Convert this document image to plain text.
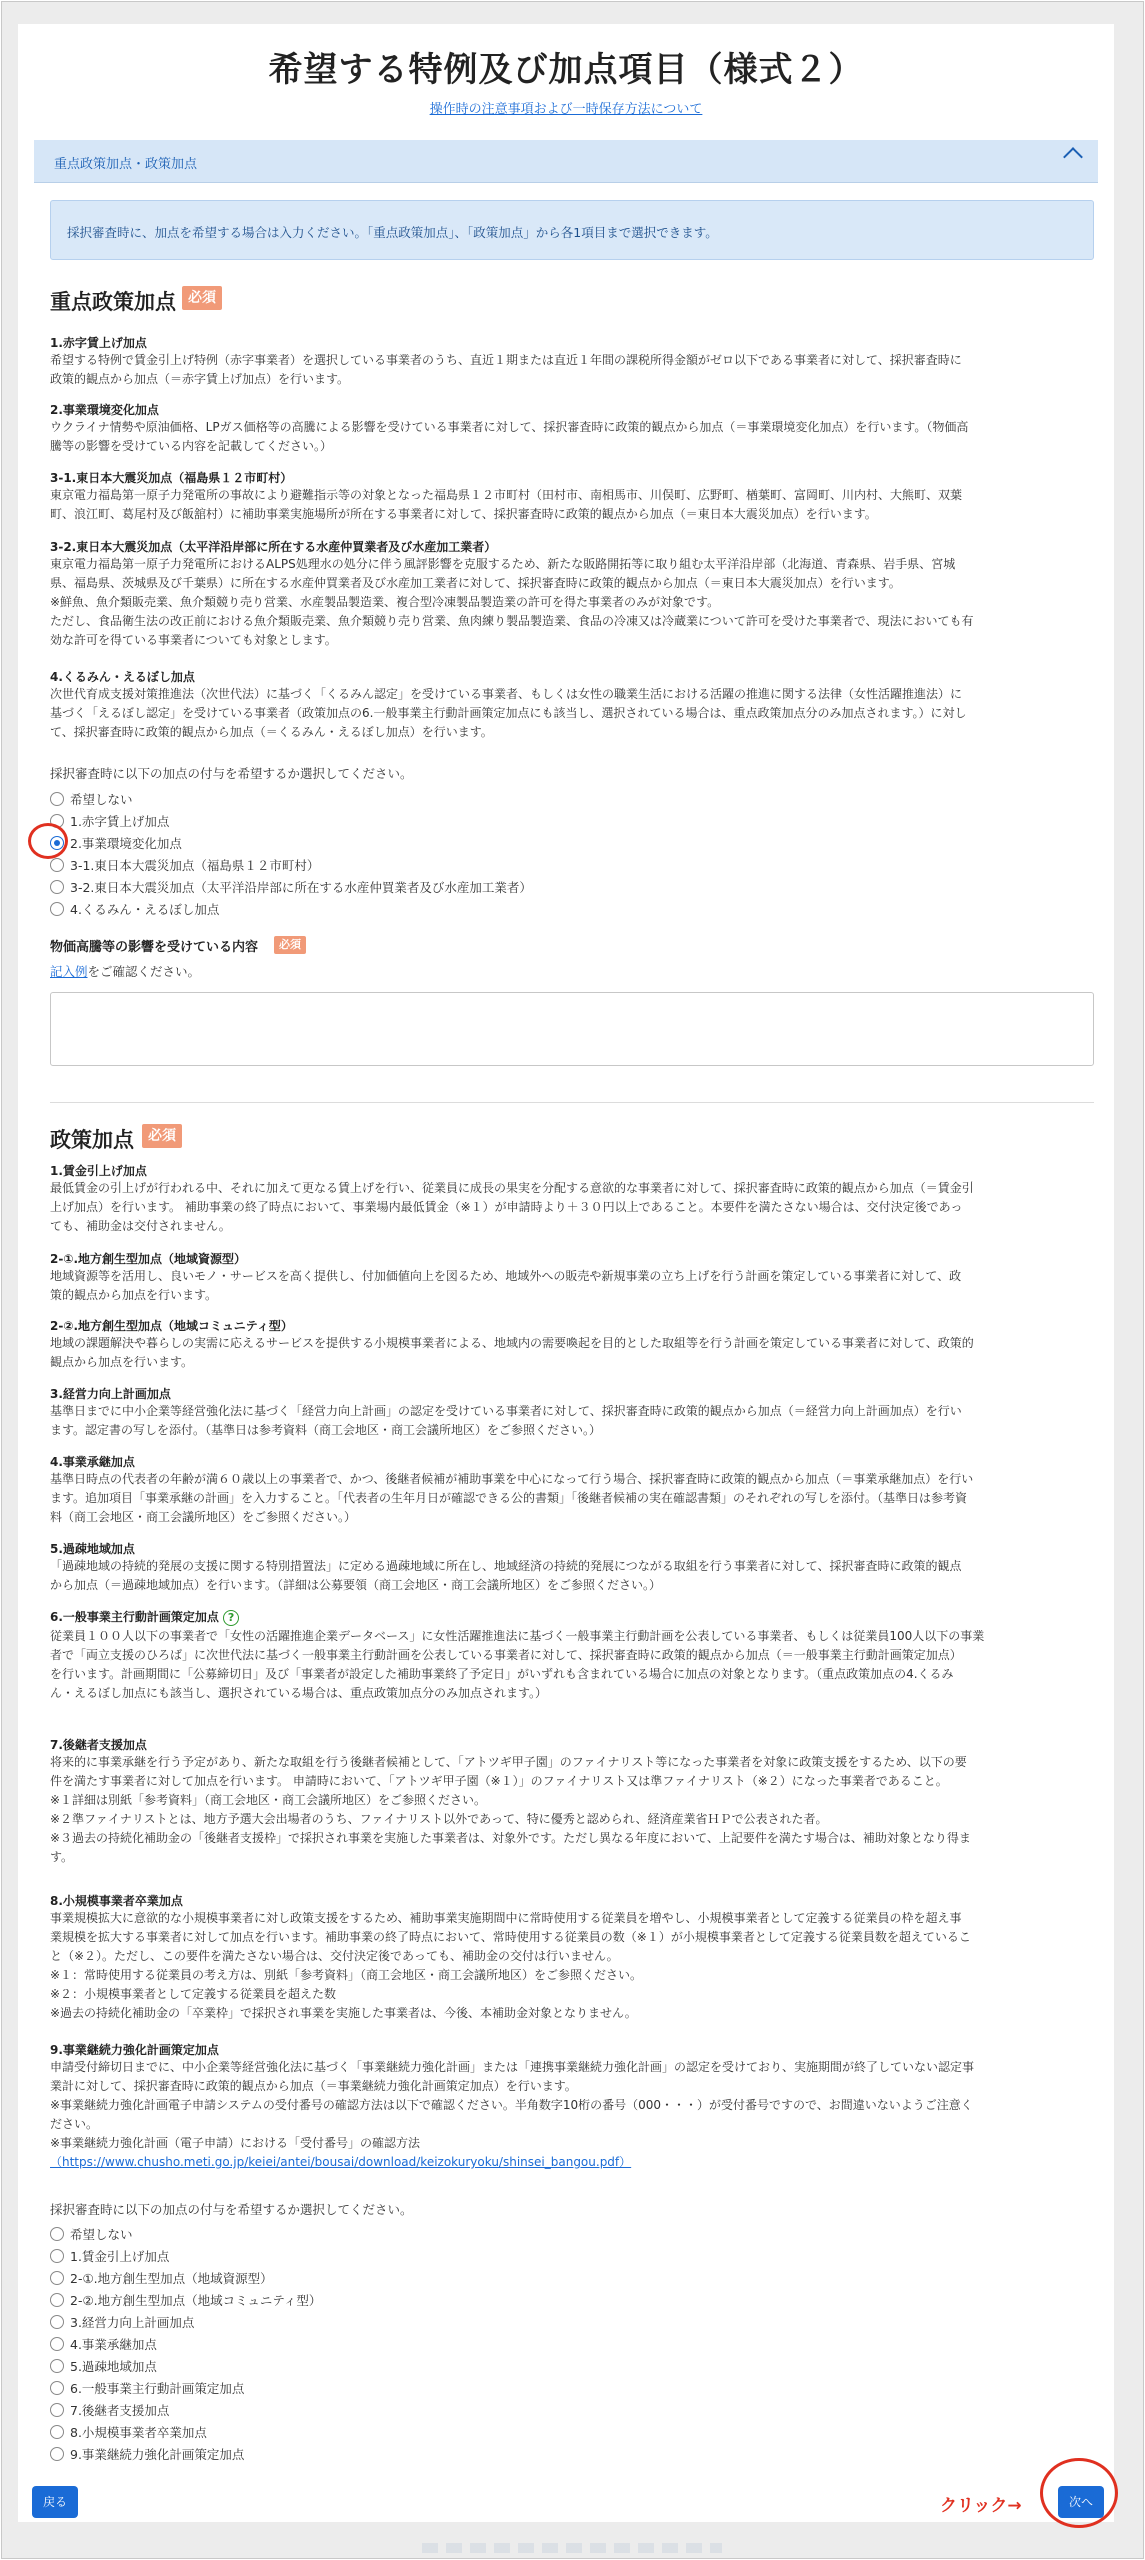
希望する特例及び加点項目（様式２）
操作時の注意事項および一時保存方法について
重点政策加点・政策加点
採択審査時に、加点を希望する場合は入力ください。「重点政策加点」、「政策加点」から各1項目まで選択できます。
重点政策加点 必須
1.赤字賃上げ加点
希望する特例で賃金引上げ特例（赤字事業者）を選択している事業者のうち、直近１期または直近１年間の課税所得金額がゼロ以下である事業者に対して、採択審査時に
政策的観点から加点（＝赤字賃上げ加点）を行います。
2.事業環境変化加点
ウクライナ情勢や原油価格、LPガス価格等の高騰による影響を受けている事業者に対して、採択審査時に政策的観点から加点（＝事業環境変化加点）を行います。（物価高
騰等の影響を受けている内容を記載してください。）
3-1.東日本大震災加点（福島県１２市町村）
東京電力福島第一原子力発電所の事故により避難指示等の対象となった福島県１２市町村（田村市、南相馬市、川俣町、広野町、楢葉町、富岡町、川内村、大熊町、双葉
町、浪江町、葛尾村及び飯舘村）に補助事業実施場所が所在する事業者に対して、採択審査時に政策的観点から加点（＝東日本大震災加点）を行います。
3-2.東日本大震災加点（太平洋沿岸部に所在する水産仲買業者及び水産加工業者）
東京電力福島第一原子力発電所におけるALPS処理水の処分に伴う風評影響を克服するため、新たな販路開拓等に取り組む太平洋沿岸部（北海道、青森県、岩手県、宮城
県、福島県、茨城県及び千葉県）に所在する水産仲買業者及び水産加工業者に対して、採択審査時に政策的観点から加点（＝東日本大震災加点）を行います。
※鮮魚、魚介類販売業、魚介類競り売り営業、水産製品製造業、複合型冷凍製品製造業の許可を得た事業者のみが対象です。
ただし、食品衛生法の改正前における魚介類販売業、魚介類競り売り営業、魚肉練り製品製造業、食品の冷凍又は冷蔵業について許可を受けた事業者で、現法においても有
効な許可を得ている事業者についても対象とします。
4.くるみん・えるぼし加点
次世代育成支援対策推進法（次世代法）に基づく「くるみん認定」を受けている事業者、もしくは女性の職業生活における活躍の推進に関する法律（女性活躍推進法）に
基づく「えるぼし認定」を受けている事業者（政策加点の6.一般事業主行動計画策定加点にも該当し、選択されている場合は、重点政策加点分のみ加点されます。）に対し
て、採択審査時に政策的観点から加点（＝くるみん・えるぼし加点）を行います。
採択審査時に以下の加点の付与を希望するか選択してください。
希望しない
1.赤字賃上げ加点
2.事業環境変化加点
3-1.東日本大震災加点（福島県１２市町村）
3-2.東日本大震災加点（太平洋沿岸部に所在する水産仲買業者及び水産加工業者）
4.くるみん・えるぼし加点
物価高騰等の影響を受けている内容	必須
記入例をご確認ください。
政策加点	必須
1.賃金引上げ加点
最低賃金の引上げが行われる中、それに加えて更なる賃上げを行い、従業員に成長の果実を分配する意欲的な事業者に対して、採択審査時に政策的観点から加点（＝賃金引
上げ加点）を行います。 補助事業の終了時点において、事業場内最低賃金（※１）が申請時より＋３０円以上であること。本要件を満たさない場合は、交付決定後であっ
ても、補助金は交付されません。
2-①.地方創生型加点（地域資源型）
地域資源等を活用し、良いモノ・サービスを高く提供し、付加価値向上を図るため、地域外への販売や新規事業の立ち上げを行う計画を策定している事業者に対して、政
策的観点から加点を行います。
2-②.地方創生型加点（地域コミュニティ型）
地域の課題解決や暮らしの実需に応えるサービスを提供する小規模事業者による、地域内の需要喚起を目的とした取組等を行う計画を策定している事業者に対して、政策的
観点から加点を行います。
3.経営力向上計画加点
基準日までに中小企業等経営強化法に基づく「経営力向上計画」の認定を受けている事業者に対して、採択審査時に政策的観点から加点（＝経営力向上計画加点）を行い
ます。認定書の写しを添付。（基準日は参考資料（商工会地区・商工会議所地区）をご参照ください。）
4.事業承継加点
基準日時点の代表者の年齢が満６０歳以上の事業者で、かつ、後継者候補が補助事業を中心になって行う場合、採択審査時に政策的観点から加点（＝事業承継加点）を行い
ます。追加項目「事業承継の計画」を入力すること。「代表者の生年月日が確認できる公的書類」「後継者候補の実在確認書類」のそれぞれの写しを添付。（基準日は参考資
料（商工会地区・商工会議所地区）をご参照ください。）
5.過疎地域加点
「過疎地域の持続的発展の支援に関する特別措置法」に定める過疎地域に所在し、地域経済の持続的発展につながる取組を行う事業者に対して、採択審査時に政策的観点
から加点（＝過疎地域加点）を行います。（詳細は公募要領（商工会地区・商工会議所地区）をご参照ください。）
6.一般事業主行動計画策定加点 ?
従業員１００人以下の事業者で「女性の活躍推進企業データベース」に女性活躍推進法に基づく一般事業主行動計画を公表している事業者、もしくは従業員100人以下の事業
者で「両立支援のひろば」に次世代法に基づく一般事業主行動計画を公表している事業者に対して、採択審査時に政策的観点から加点（＝一般事業主行動計画策定加点）
を行います。計画期間に「公募締切日」及び「事業者が設定した補助事業終了予定日」がいずれも含まれている場合に加点の対象となります。（重点政策加点の4.くるみ
ん・えるぼし加点にも該当し、選択されている場合は、重点政策加点分のみ加点されます。）
7.後継者支援加点
将来的に事業承継を行う予定があり、新たな取組を行う後継者候補として、「アトツギ甲子園」のファイナリスト等になった事業者を対象に政策支援をするため、以下の要
件を満たす事業者に対して加点を行います。 申請時において、「アトツギ甲子園（※１）」のファイナリスト又は準ファイナリスト（※２）になった事業者であること。
※１詳細は別紙「参考資料」（商工会地区・商工会議所地区）をご参照ください。
※２準ファイナリストとは、地方予選大会出場者のうち、ファイナリスト以外であって、特に優秀と認められ、経済産業省ＨＰで公表された者。
※３過去の持続化補助金の「後継者支援枠」で採択され事業を実施した事業者は、対象外です。ただし異なる年度において、上記要件を満たす場合は、補助対象となり得ま
す。
8.小規模事業者卒業加点
事業規模拡大に意欲的な小規模事業者に対し政策支援をするため、補助事業実施期間中に常時使用する従業員を増やし、小規模事業者として定義する従業員の枠を超え事
業規模を拡大する事業者に対して加点を行います。補助事業の終了時点において、常時使用する従業員の数（※１）が小規模事業者として定義する従業員数を超えているこ
と（※２）。ただし、この要件を満たさない場合は、交付決定後であっても、補助金の交付は行いません。
※１：常時使用する従業員の考え方は、別紙「参考資料」（商工会地区・商工会議所地区）をご参照ください。
※２：小規模事業者として定義する従業員を超えた数
※過去の持続化補助金の「卒業枠」で採択され事業を実施した事業者は、今後、本補助金対象となりません。
9.事業継続力強化計画策定加点
申請受付締切日までに、中小企業等経営強化法に基づく「事業継続力強化計画」または「連携事業継続力強化計画」の認定を受けており、実施期間が終了していない認定事
業計に対して、採択審査時に政策的観点から加点（＝事業継続力強化計画策定加点）を行います。
※事業継続力強化計画電子申請システムの受付番号の確認方法は以下で確認ください。半角数字10桁の番号（000・・・）が受付番号ですので、お間違いないようご注意く
ださい。
※事業継続力強化計画（電子申請）における「受付番号」の確認方法
（https://www.chusho.meti.go.jp/keiei/antei/bousai/download/keizokuryoku/shinsei_bangou.pdf）
採択審査時に以下の加点の付与を希望するか選択してください。
希望しない
1.賃金引上げ加点
2-①.地方創生型加点（地域資源型）
2-②.地方創生型加点（地域コミュニティ型）
3.経営力向上計画加点
4.事業承継加点
5.過疎地域加点
6.一般事業主行動計画策定加点
7.後継者支援加点
8.小規模事業者卒業加点
9.事業継続力強化計画策定加点
戻る	クリック→	次へ
